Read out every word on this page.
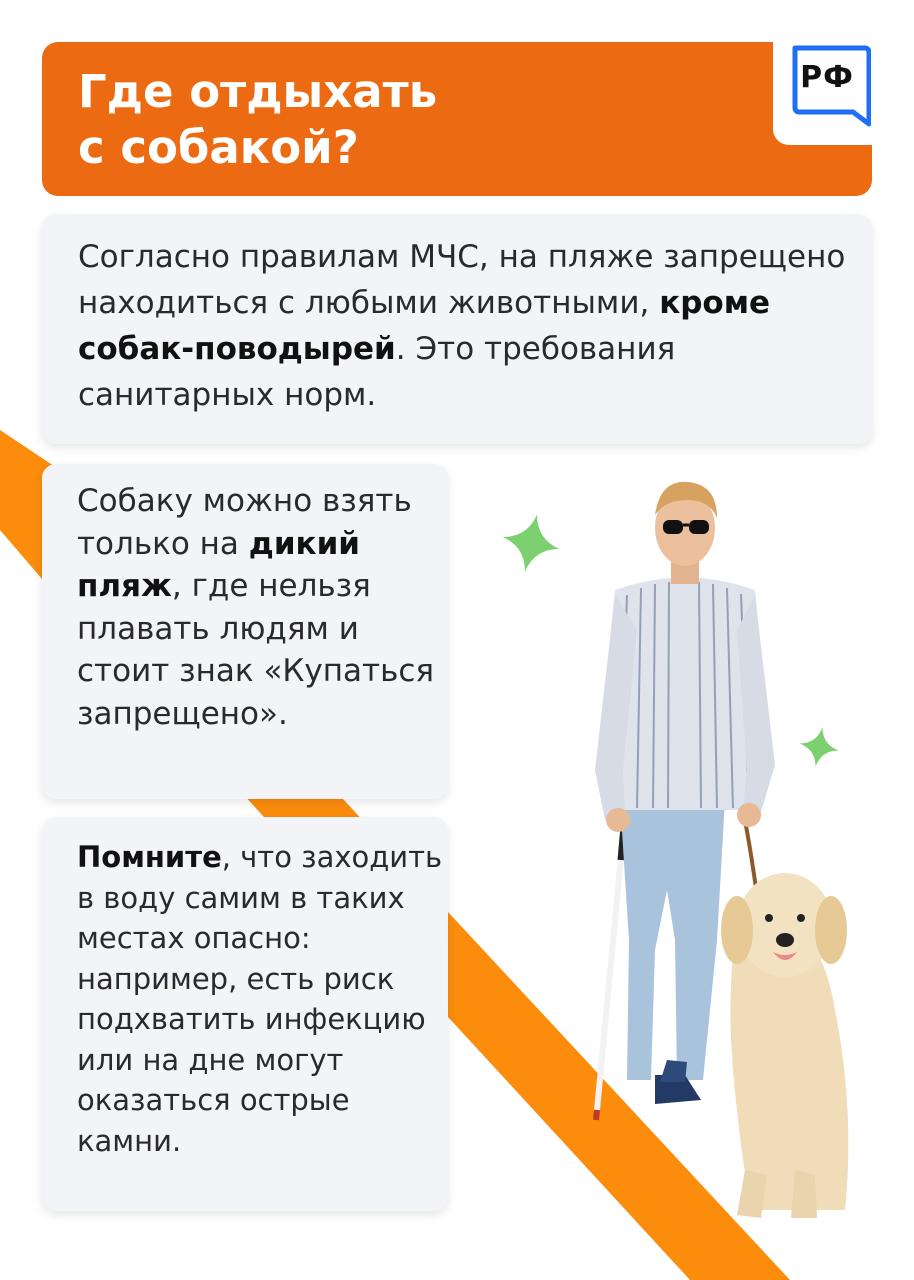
Где отдыхать
с собакой?
РФ

Согласно правилам МЧС, на пляже запрещено находиться с любыми животными, кроме собак-поводырей. Это требования санитарных норм.

Собаку можно взять только на дикий пляж, где нельзя плавать людям и стоит знак «Купаться запрещено».

Помните, что заходить в воду самим в таких местах опасно: например, есть риск подхватить инфекцию или на дне могут оказаться острые камни.
